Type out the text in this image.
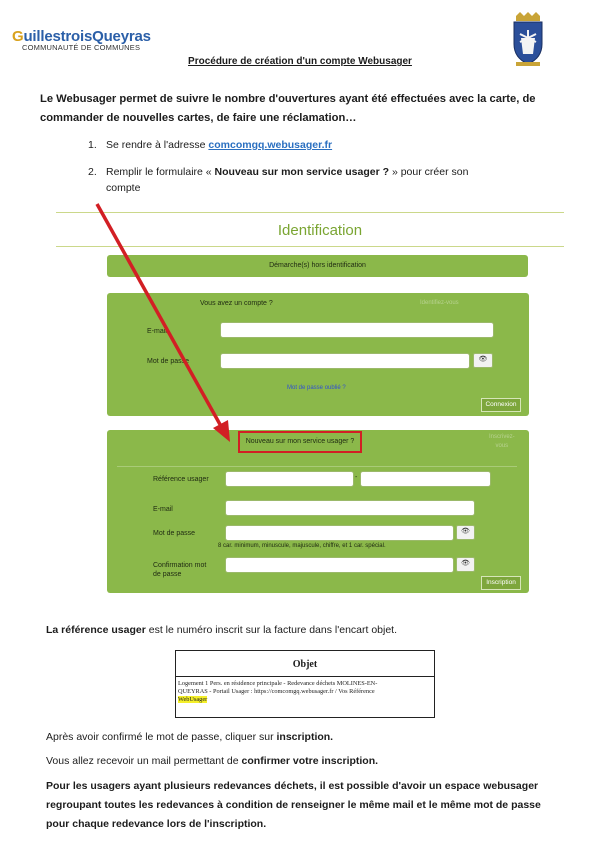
GuillestroisQueyras
COMMUNAUTÉ DE COMMUNES
Procédure de création d'un compte Webusager
Le Webusager permet de suivre le nombre d'ouvertures ayant été effectuées avec la carte, de
commander de nouvelles cartes, de faire une réclamation…
1. Se rendre à l'adresse comcomgq.webusager.fr
2. Remplir le formulaire « Nouveau sur mon service usager ? » pour créer son
compte
Identification
Démarche(s) hors identification
Vous avez un compte ?	Identifiez-vous
E-mail
Mot de passe	👁
Mot de passe oublié ?
Connexion
Nouveau sur mon service usager ?
Inscrivez-
vous
Référence usager	-
E-mail
Mot de passe	👁
8 car. minimum, minuscule, majuscule, chiffre, et 1 car. spécial.
Confirmation mot
de passe
👁
Inscription
La référence usager est le numéro inscrit sur la facture dans l'encart objet.
Objet
Logement 1 Pers. en résidence principale - Redevance déchets MOLINES-EN-
QUEYRAS - Portail Usager : https://comcomgq.webusager.fr / Vos Référence
WebUsager
Après avoir confirmé le mot de passe, cliquer sur inscription.
Vous allez recevoir un mail permettant de confirmer votre inscription.
Pour les usagers ayant plusieurs redevances déchets, il est possible d'avoir un espace webusager
regroupant toutes les redevances à condition de renseigner le même mail et le même mot de passe
pour chaque redevance lors de l'inscription.
